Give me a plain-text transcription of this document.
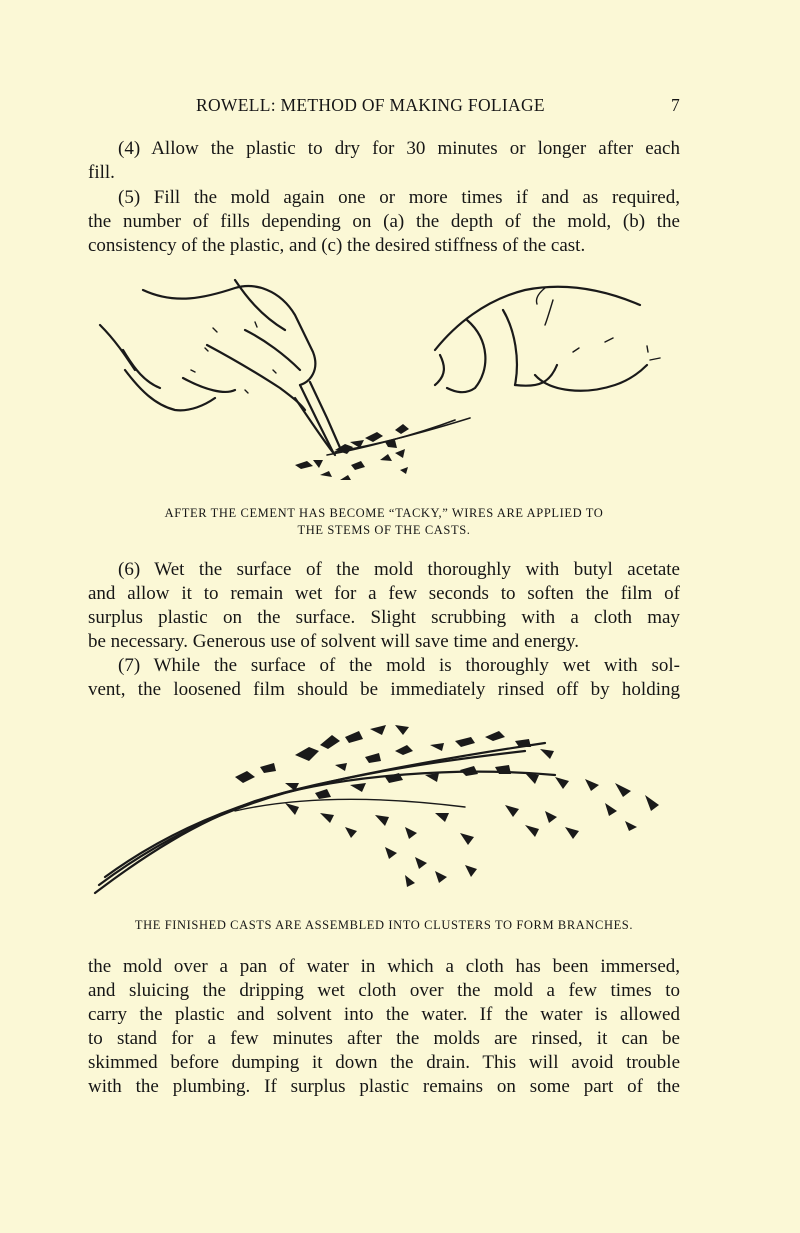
ROWELL: METHOD OF MAKING FOLIAGE	7
(4) Allow the plastic to dry for 30 minutes or longer after each
fill.
(5) Fill the mold again one or more times if and as required,
the number of fills depending on (a) the depth of the mold, (b) the
consistency of the plastic, and (c) the desired stiffness of the cast.
AFTER THE CEMENT HAS BECOME “TACKY,” WIRES ARE APPLIED TO
THE STEMS OF THE CASTS.
(6) Wet the surface of the mold thoroughly with butyl acetate
and allow it to remain wet for a few seconds to soften the film of
surplus plastic on the surface. Slight scrubbing with a cloth may
be necessary. Generous use of solvent will save time and energy.
(7) While the surface of the mold is thoroughly wet with sol-
vent, the loosened film should be immediately rinsed off by holding
THE FINISHED CASTS ARE ASSEMBLED INTO CLUSTERS TO FORM BRANCHES.
the mold over a pan of water in which a cloth has been immersed,
and sluicing the dripping wet cloth over the mold a few times to
carry the plastic and solvent into the water. If the water is allowed
to stand for a few minutes after the molds are rinsed, it can be
skimmed before dumping it down the drain. This will avoid trouble
with the plumbing. If surplus plastic remains on some part of the
